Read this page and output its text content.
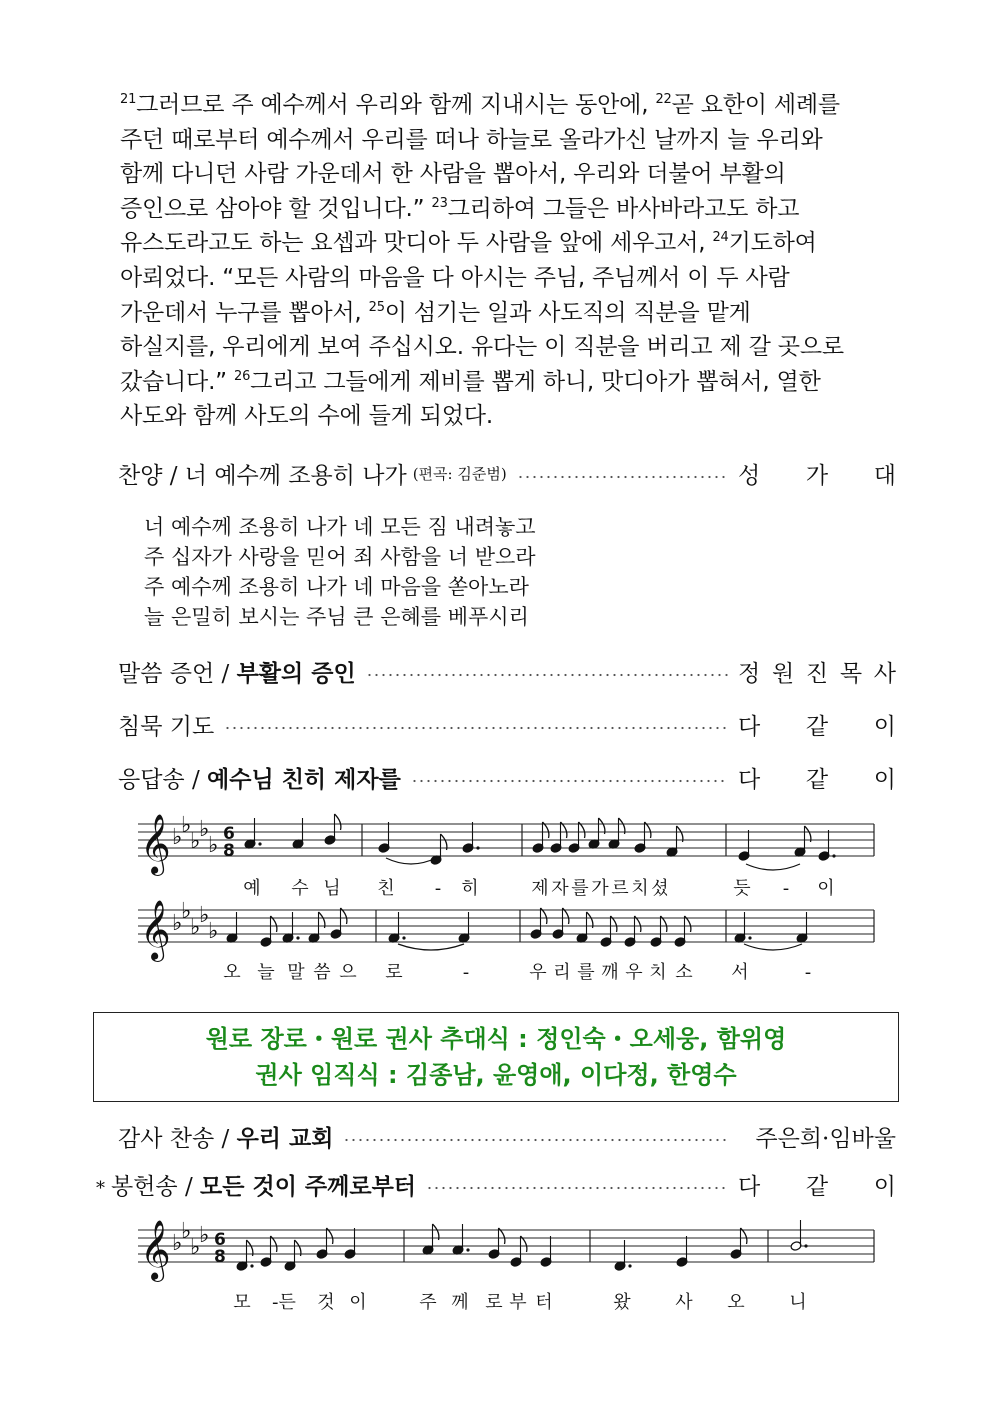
$^{21}$그러므로 주 예수께서 우리와 함께 지내시는 동안에, $^{22}$곧 요한이 세례를
주던 때로부터 예수께서 우리를 떠나 하늘로 올라가신 날까지 늘 우리와
함께 다니던 사람 가운데서 한 사람을 뽑아서, 우리와 더불어 부활의
증인으로 삼아야 할 것입니다.” $^{23}$그리하여 그들은 바사바라고도 하고
유스도라고도 하는 요셉과 맛디아 두 사람을 앞에 세우고서, $^{24}$기도하여
아뢰었다. “모든 사람의 마음을 다 아시는 주님, 주님께서 이 두 사람
가운데서 누구를 뽑아서, $^{25}$이 섬기는 일과 사도직의 직분을 맡게
하실지를, 우리에게 보여 주십시오. 유다는 이 직분을 버리고 제 갈 곳으로
갔습니다.” $^{26}$그리고 그들에게 제비를 뽑게 하니, 맛디아가 뽑혀서, 열한
사도와 함께 사도의 수에 들게 되었다.
찬양 / 너 예수께 조용히 나가 (편곡: 김준범)	성 가 대
너 예수께 조용히 나가 네 모든 짐 내려놓고
주 십자가 사랑을 믿어 죄 사함을 너 받으라
주 예수께 조용히 나가 네 마음을 쏟아노라
늘 은밀히 보시는 주님 큰 은혜를 베푸시리
말씀 증언 / 부활의 증인	정 원 진 목 사
침묵 기도	다 같 이
응답송 / 예수님 친히 제자를	다 같 이
𝄞 ♭
♭
♭
♭
♭ 6
8
예 수 님 친 - 히	제 자 를 가 르 치 셨	듯 - 이
𝄞 ♭
♭
♭
♭
♭
오 늘 말 씀 으 로	-	우 리 를 깨 우 치 소 서	-
원로 장로・원로 권사 추대식 : 정인숙・오세웅, 함위영
권사 임직식 : 김종남, 윤영애, 이다정, 한영수
감사 찬송 / 우리 교회	주은희·임바울
* 봉헌송 / 모든 것이 주께로부터	다 같 이
𝄞 ♭
♭
♭
♭ 6
8
모 -든 것 이	주 께 로 부 터	왔 사 오 니
